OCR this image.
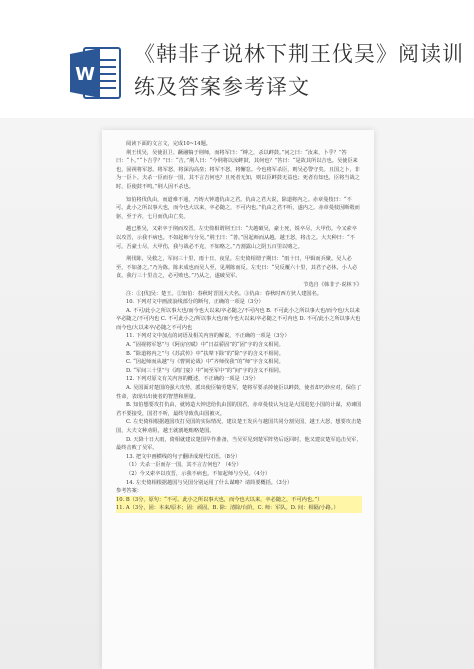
W
《韩非子说林下荆王伐吴》阅读训练及答案参考译文

阅读下面的文言文，完成10~14题。

荆王伐吴，吴使沮卫、蹶融犒于荆师，而将军曰：“缚之，杀以衅鼓。”问之曰：“汝来，卜乎？”答曰：“卜。”“卜吉乎？”曰：“吉。”荆人曰：“今荆将以汝衅鼓，其何也？”答曰：“是故其所以吉也。吴使臣来也，固视将军怒。将军怒，将深沟高垒；将军不怒，将懈怠。今也将军杀臣，则吴必警守矣。且国之卜，非为一臣卜。夫杀一臣而存一国，其不言吉何也？且死者无知，则以臣衅鼓无益也；死者有知也，臣将当战之时，臣使鼓不鸣。”荆人因不杀也。

知伯将伐仇由，而道难不通，乃铸大钟遗仇由之君。仇由之君大说，除道将内之。赤章曼枝曰：“不可。此小之所以事大也，而今也大以来，卒必随之，不可内也。”仇由之君不听，遂内之。赤章曼枝因断毂而驱，至于齐，七月而仇由亡矣。

越已胜吴，又索卒于荆而攻晋。左史倚相谓荆王曰：“夫越破吴，豪士死，锐卒尽，大甲伤。今又索卒以攻晋，示我不病也。不如起师与分吴。”荆王曰：“善。”因起师而从越。越王怒，将击之。大夫种曰：“不可。吾豪士尽，大甲伤，我与战必不克，不如赂之。”乃割露山之阴五百里以赂之。

荆伐陈，吴救之，军间三十里，雨十日，夜星。左史倚相谓子期曰：“雨十日，甲辑而兵聚。吴人必至，不如备之。”乃为陈。陈未成也而吴人至，见荆陈而反。左史曰：“吴反覆六十里，其君子必休，小人必食。我行三十里击之，必可败也。”乃从之，遂破吴军。

节选自《韩非子·说林下》

注：①[伐]吴：楚王。②知伯：春秋时晋国大夫名。③仇由：春秋时西方狄人建国名。

10. 下列对文中画波浪线部分的断句，正确的一项是（3分）

A. 不可/此小之所以事大也/而今也大以来/卒必随之/不可内也 B. 不可此小之所以事大也/而今也/大以来卒必随之/不可内也 C. 不可此小之/所以事大也/而今也大以来/卒必随之不可内也 D. 不可/此小之所以事大也而今也/大以来卒/必随之不可内也

11. 下列对文中加点的词语及相关内容的解说，不正确的一项是（3分）

A. “固视将军怒”与《阿房宫赋》中“日益骄固”的“固”字的含义相同。

B. “除道将内之”与《苏武传》中“扶辇下除”的“除”字的含义不相同。

C. “因起师而从越”与《曹刿论战》中“齐师伐我”的“师”字含义相同。

D. “军间三十里”与《鸿门宴》中“间至军中”的“间”字的含义不相同。

12. 下列对原文有关内容的概述，不正确的一项是（3分）

A. 吴国面对楚国的强大攻势，派出使臣犒劳楚军，楚将军要杀掉使臣以衅鼓，使者却巧妙应对，保住了性命，表现出出使者的智慧和胆量。

B. 知伯想要攻打仇由，就铸造大钟送给仇由国的国君，赤章曼枝认为这是大国进犯小国的计谋，劝谏国君不要接受，国君不听，最终导致仇由国被灭。

C. 左史倚相根据越国攻打吴国的实际情况，建议楚王发兵与越国共同分割吴国，越王大怒，想要攻击楚国，大夫文种劝阻，越王就割地贿赂楚国。

D. 天降十日大雨，倚相就建议楚国早作准备，当吴军见到楚军阵势后返回时，他又建议楚军追击吴军，最终击败了吴军。

13. 把文中画横线的句子翻译成现代汉语。（8分）

（1）夫杀一臣而存一国，其不言吉何也？（4分）

（2）今又索卒以攻晋，示我不病也。不如起师与分吴。（4分）

14. 左史倚相根据越国与吴国分别运用了什么谋略？请简要概括。（3分）

参考答案：

10. B（3分，原句：“不可。此小之所以事大也，而今也大以来，卒必随之，不可内也。”）

11. A（3分，固：本来/原本；固：顽固。B. 除：清除/台阶。C. 师：军队。D. 间：相隔/小路。）
